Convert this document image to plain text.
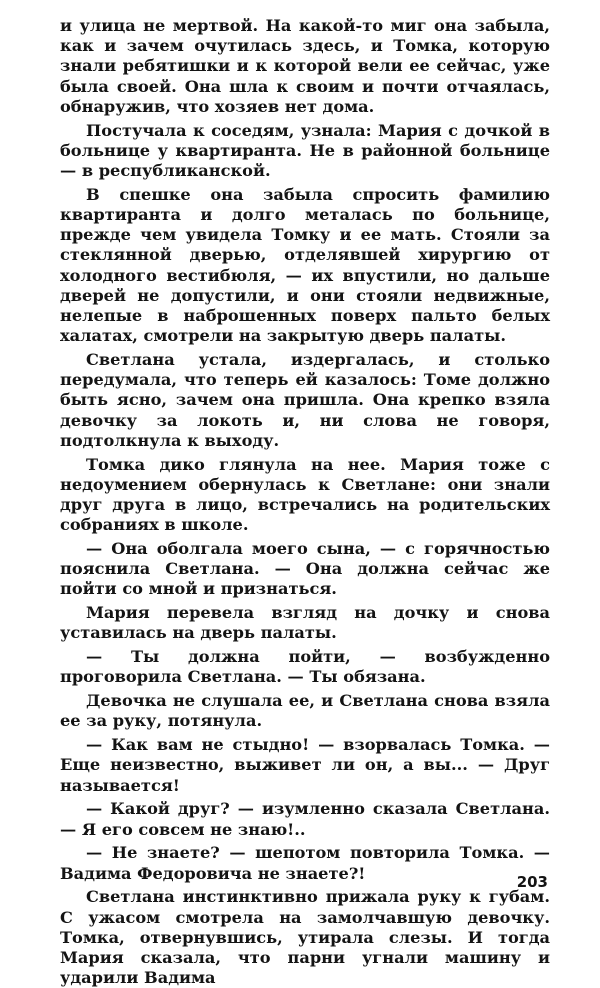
и улица не мертвой. На какой-то миг она забыла, как и зачем очутилась здесь, и Томка, которую знали ребятишки и к которой вели ее сейчас, уже была своей. Она шла к своим и почти отчаялась, обнаружив, что хозяев нет дома.

Постучала к соседям, узнала: Мария с дочкой в больнице у квартиранта. Не в районной больнице — в республиканской.

В спешке она забыла спросить фамилию квартиранта и долго металась по больнице, прежде чем увидела Томку и ее мать. Стояли за стеклянной дверью, отделявшей хирургию от холодного вестибюля, — их впустили, но дальше дверей не допустили, и они стояли недвижные, нелепые в наброшенных поверх пальто белых халатах, смотрели на закрытую дверь палаты.

Светлана устала, издергалась, и столько передумала, что теперь ей казалось: Томе должно быть ясно, зачем она пришла. Она крепко взяла девочку за локоть и, ни слова не говоря, подтолкнула к выходу.

Томка дико глянула на нее. Мария тоже с недоумением обернулась к Светлане: они знали друг друга в лицо, встречались на родительских собраниях в школе.

— Она оболгала моего сына, — с горячностью пояснила Светлана. — Она должна сейчас же пойти со мной и признаться.

Мария перевела взгляд на дочку и снова уставилась на дверь палаты.

— Ты должна пойти, — возбужденно проговорила Светлана. — Ты обязана.

Девочка не слушала ее, и Светлана снова взяла ее за руку, потянула.

— Как вам не стыдно! — взорвалась Томка. — Еще неизвестно, выживет ли он, а вы... — Друг называется!

— Какой друг? — изумленно сказала Светлана. — Я его совсем не знаю!..

— Не знаете? — шепотом повторила Томка. — Вадима Федоровича не знаете?!

Светлана инстинктивно прижала руку к губам. С ужасом смотрела на замолчавшую девочку. Томка, отвернувшись, утирала слезы. И тогда Мария сказала, что парни угнали машину и ударили Вадима

203
